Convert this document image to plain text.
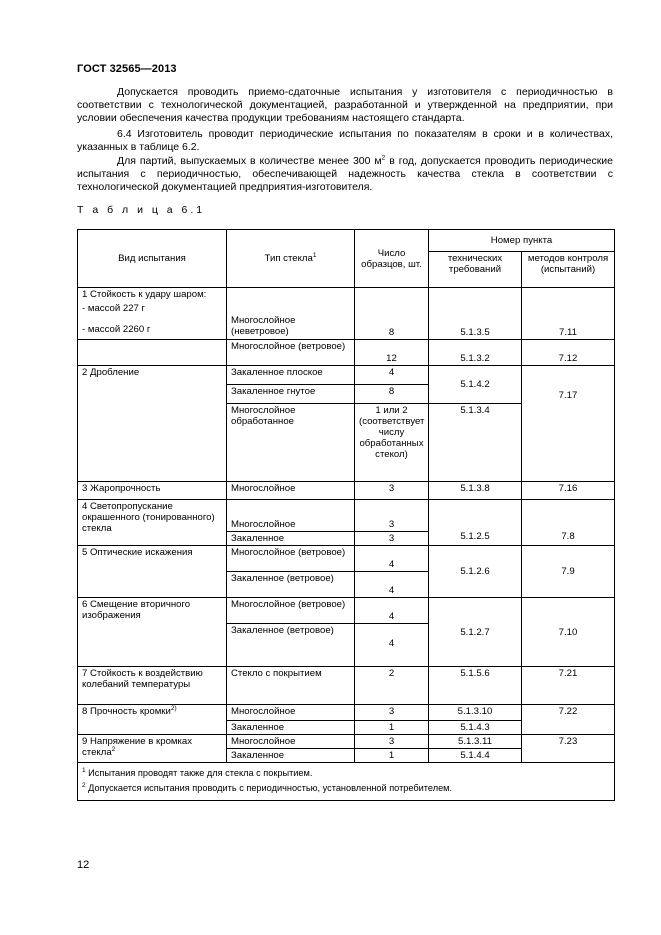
ГОСТ 32565—2013
Допускается проводить приемо-сдаточные испытания у изготовителя с периодичностью в соответствии с технологической документацией, разработанной и утвержденной на предприятии, при условии обеспечения качества продукции требованиям настоящего стандарта.
6.4 Изготовитель проводит периодические испытания по показателям в сроки и в количествах, указанных в таблице 6.2.
Для партий, выпускаемых в количестве менее 300 $м^2$ в год, допускается проводить периодические испытания с периодичностью, обеспечивающей надежность качества стекла в соответствии с технологической документацией предприятия-изготовителя.
Т а б л и ц а 6.1
Вид испытания	Тип стекла$^1$	Число образцов, шт.	Номер пункта	
			технических требований	методов контроля (испытаний)

1 Стойкость к удару шаром:
- массой 227 г
- массой 2260 г	Многослойное (неветровое)	8	5.1.3.5	7.11
	Многослойное (ветровое)	12	5.1.3.2	7.12
2 Дробление	Закаленное плоское	4	5.1.4.2	7.17
	Закаленное гнутое	8		
	Многослойное обработанное	1 или 2 (соответствует числу обработанных стекол)	5.1.3.4	
3 Жаропрочность	Многослойное	3	5.1.3.8	7.16
4 Светопропускание окрашенного (тонированного) стекла	Многослойное	3	5.1.2.5	7.8
	Закаленное	3		
5 Оптические искажения	Многослойное (ветровое)	4	5.1.2.6	7.9
	Закаленное (ветровое)	4		
6 Смещение вторичного изображения	Многослойное (ветровое)	4	5.1.2.7	7.10
	Закаленное (ветровое)	4		
7 Стойкость к воздействию колебаний температуры	Стекло с покрытием	2	5.1.5.6	7.21
8 Прочность кромки$^{2)}$	Многослойное	3	5.1.3.10	7.22
	Закаленное	1	5.1.4.3	
9 Напряжение в кромках стекла$^2$	Многослойное	3	5.1.3.11	7.23
	Закаленное	1	5.1.4.4	
$^1$ Испытания проводят также для стекла с покрытием.				
$^2$ Допускается испытания проводить с периодичностью, установленной потребителем.				
12
